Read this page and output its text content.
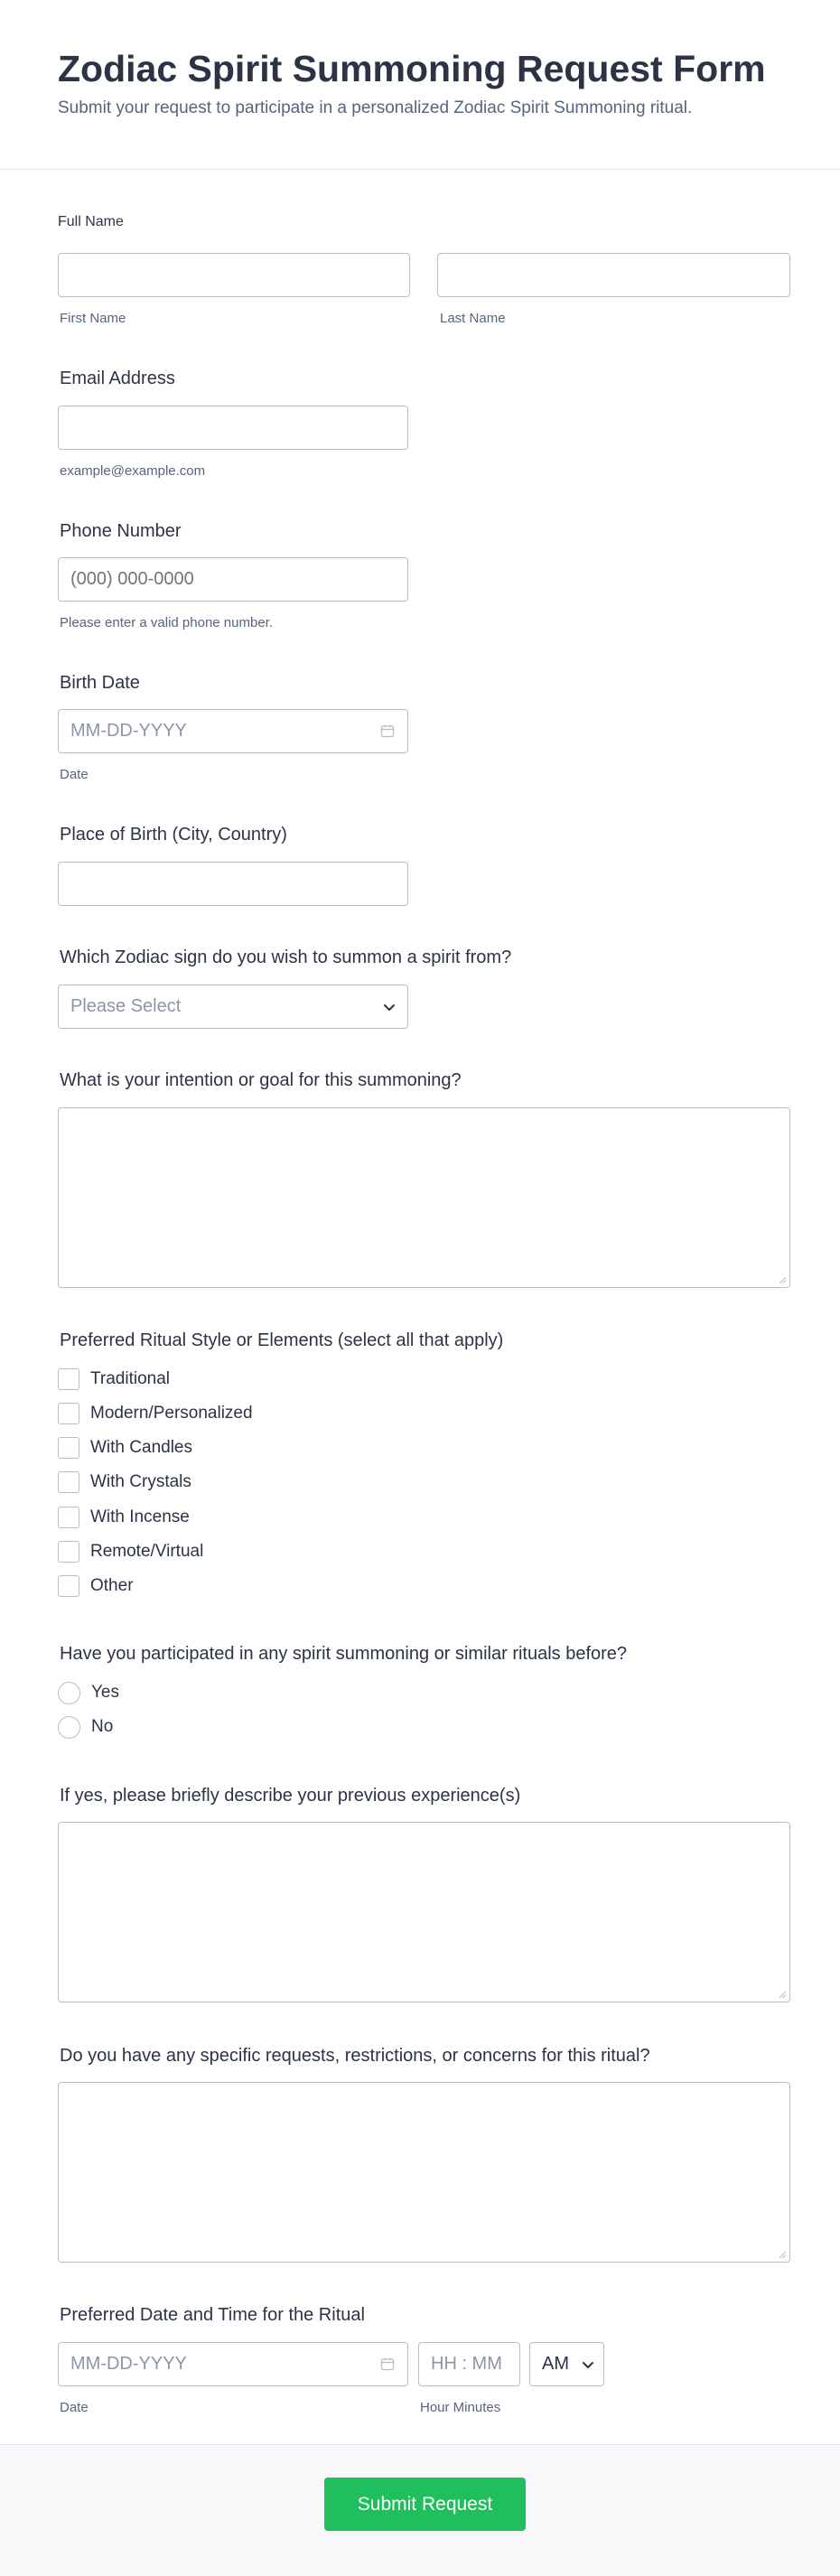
Zodiac Spirit Summoning Request Form
Submit your request to participate in a personalized Zodiac Spirit Summoning ritual.
Full Name
First Name	Last Name
Email Address
example@example.com
Phone Number
(000) 000-0000
Please enter a valid phone number.
Birth Date
MM-DD-YYYY
Date
Place of Birth (City, Country)
Which Zodiac sign do you wish to summon a spirit from?
Please Select
What is your intention or goal for this summoning?
Preferred Ritual Style or Elements (select all that apply)
Traditional
Modern/Personalized
With Candles
With Crystals
With Incense
Remote/Virtual
Other
Have you participated in any spirit summoning or similar rituals before?
Yes
No
If yes, please briefly describe your previous experience(s)
Do you have any specific requests, restrictions, or concerns for this ritual?
Preferred Date and Time for the Ritual
MM-DD-YYYY	HH : MM	AM
Date	Hour Minutes
Submit Request
